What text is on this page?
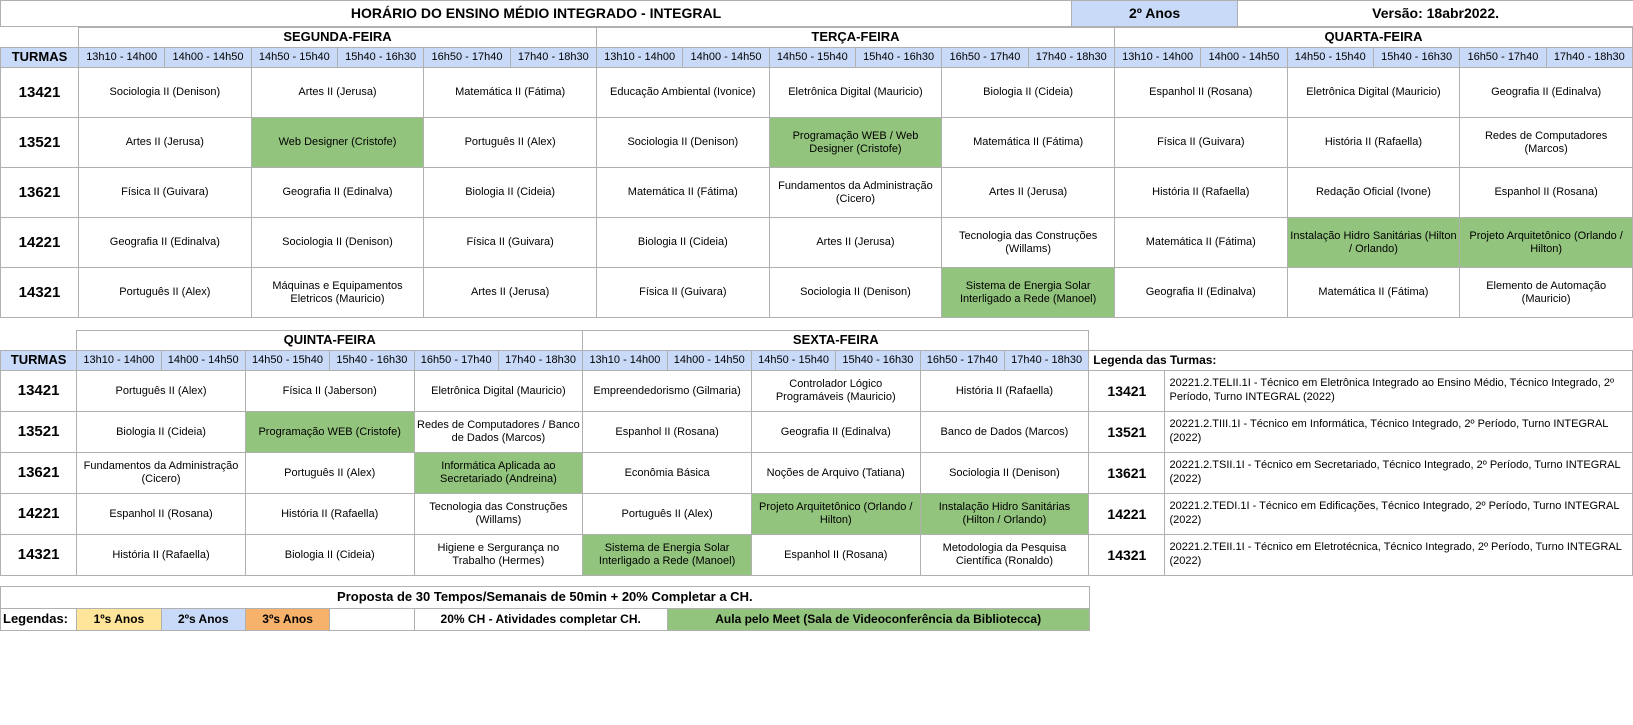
HORÁRIO DO ENSINO MÉDIO INTEGRADO - INTEGRAL	2º Anos	Versão: 18abr2022.
	SEGUNDA-FEIRA						TERÇA-FEIRA						QUARTA-FEIRA					
TURMAS	13h10 - 14h00	14h00 - 14h50	14h50 - 15h40	15h40 - 16h30	16h50 - 17h40	17h40 - 18h30	13h10 - 14h00	14h00 - 14h50	14h50 - 15h40	15h40 - 16h30	16h50 - 17h40	17h40 - 18h30	13h10 - 14h00	14h00 - 14h50	14h50 - 15h40	15h40 - 16h30	16h50 - 17h40	17h40 - 18h30
13421	Sociologia II (Denison)		Artes II (Jerusa)		Matemática II (Fátima)		Educação Ambiental (Ivonice)		Eletrônica Digital (Mauricio)		Biologia II (Cideia)		Espanhol II (Rosana)		Eletrônica Digital (Mauricio)		Geografia II (Edinalva)	
13521	Artes II (Jerusa)		Web Designer (Cristofe)		Português II (Alex)		Sociologia II (Denison)		Programação WEB / Web Designer (Cristofe)		Matemática II (Fátima)		Física II (Guivara)		História II (Rafaella)		Redes de Computadores (Marcos)	
13621	Física II (Guivara)		Geografia II (Edinalva)		Biologia II (Cideia)		Matemática II (Fátima)		Fundamentos da Administração (Cicero)		Artes II (Jerusa)		História II (Rafaella)		Redação Oficial (Ivone)		Espanhol II (Rosana)	
14221	Geografia II (Edinalva)		Sociologia II (Denison)		Física II (Guivara)		Biologia II (Cideia)		Artes II (Jerusa)		Tecnologia das Construções (Willams)		Matemática II (Fátima)		Instalação Hidro Sanitárias (Hilton / Orlando)		Projeto Arquitetônico (Orlando / Hilton)	
14321	Português II (Alex)		Máquinas e Equipamentos Eletricos (Mauricio)		Artes II (Jerusa)		Física II (Guivara)		Sociologia II (Denison)		Sistema de Energia Solar Interligado a Rede (Manoel)		Geografia II (Edinalva)		Matemática II (Fátima)		Elemento de Automação (Mauricio)	
	QUINTA-FEIRA						SEXTA-FEIRA							
TURMAS	13h10 - 14h00	14h00 - 14h50	14h50 - 15h40	15h40 - 16h30	16h50 - 17h40	17h40 - 18h30	13h10 - 14h00	14h00 - 14h50	14h50 - 15h40	15h40 - 16h30	16h50 - 17h40	17h40 - 18h30	Legenda das Turmas:	
13421	Português II (Alex)		Física II (Jaberson)		Eletrônica Digital (Mauricio)		Empreendedorismo (Gilmaria)		Controlador Lógico Programáveis (Mauricio)		História II (Rafaella)		13421	20221.2.TELII.1I - Técnico em Eletrônica Integrado ao Ensino Médio, Técnico Integrado, 2º Período, Turno INTEGRAL (2022)
13521	Biologia II (Cideia)		Programação WEB (Cristofe)		Redes de Computadores / Banco de Dados (Marcos)		Espanhol II (Rosana)		Geografia II (Edinalva)		Banco de Dados (Marcos)		13521	20221.2.TIII.1I - Técnico em Informática, Técnico Integrado, 2º Período, Turno INTEGRAL (2022)
13621	Fundamentos da Administração (Cicero)		Português II (Alex)		Informática Aplicada ao Secretariado (Andreina)		Econômia Básica		Noções de Arquivo (Tatiana)		Sociologia II (Denison)		13621	20221.2.TSII.1I - Técnico em Secretariado, Técnico Integrado, 2º Período, Turno INTEGRAL (2022)
14221	Espanhol II (Rosana)		História II (Rafaella)		Tecnologia das Construções (Willams)		Português II (Alex)		Projeto Arquitetônico (Orlando / Hilton)		Instalação Hidro Sanitárias (Hilton / Orlando)		14221	20221.2.TEDI.1I - Técnico em Edificações, Técnico Integrado, 2º Período, Turno INTEGRAL (2022)
14321	História II (Rafaella)		Biologia II (Cideia)		Higiene e Sergurança no Trabalho (Hermes)		Sistema de Energia Solar Interligado a Rede (Manoel)		Espanhol II (Rosana)		Metodologia da Pesquisa Científica (Ronaldo)		14321	20221.2.TEII.1I - Técnico em Eletrotécnica, Técnico Integrado, 2º Período, Turno INTEGRAL (2022)
Proposta de 30 Tempos/Semanais de 50min + 20% Completar a CH.							
Legendas:	1ºs Anos	2ºs Anos	3ºs Anos		20% CH - Atividades completar CH.	Aula pelo Meet (Sala de Videoconferência da Bibliotecca)	
